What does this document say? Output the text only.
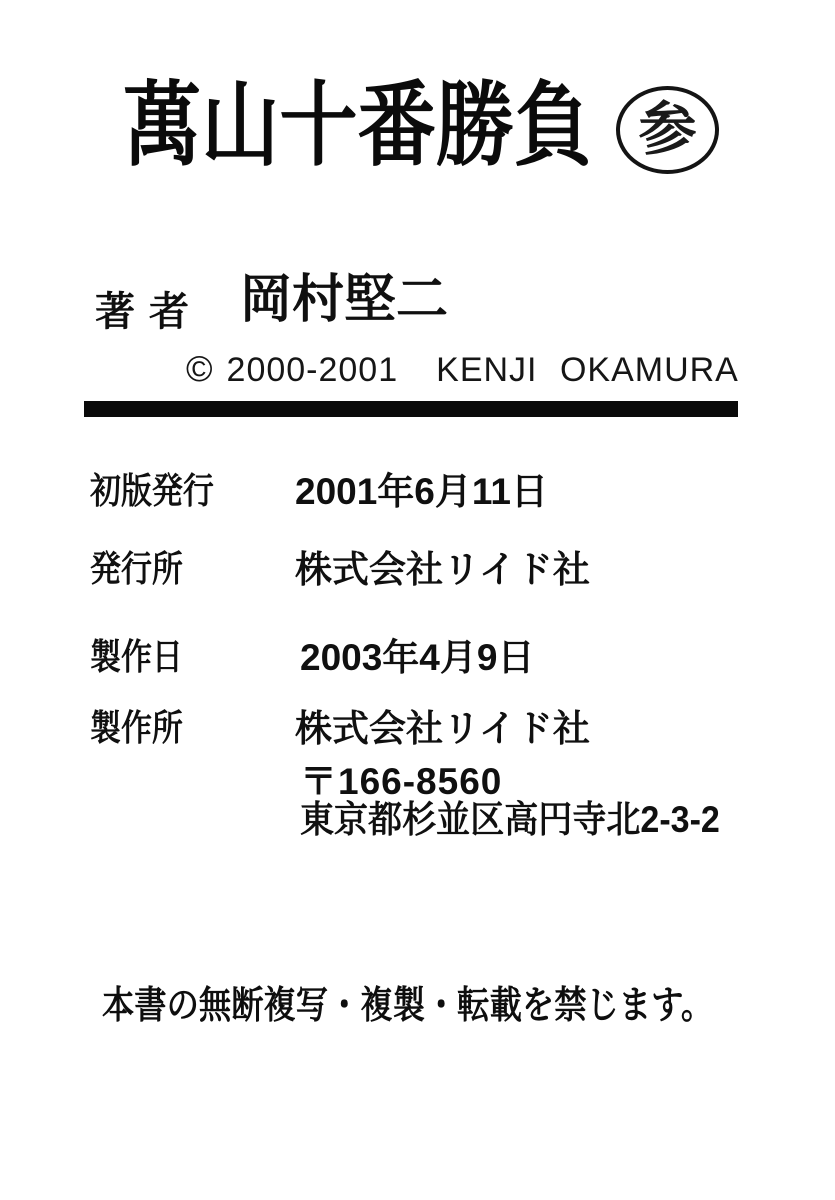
萬山十番勝負 参
著者 岡村堅二
© 2000-2001 KENJI OKAMURA
初版発行 2001年6月11日
発行所	株式会社リイド社
製作日	2003年4月9日
製作所	株式会社リイド社
〒166-8560
東京都杉並区高円寺北2-3-2
本書の無断複写・複製・転載を禁じます。
